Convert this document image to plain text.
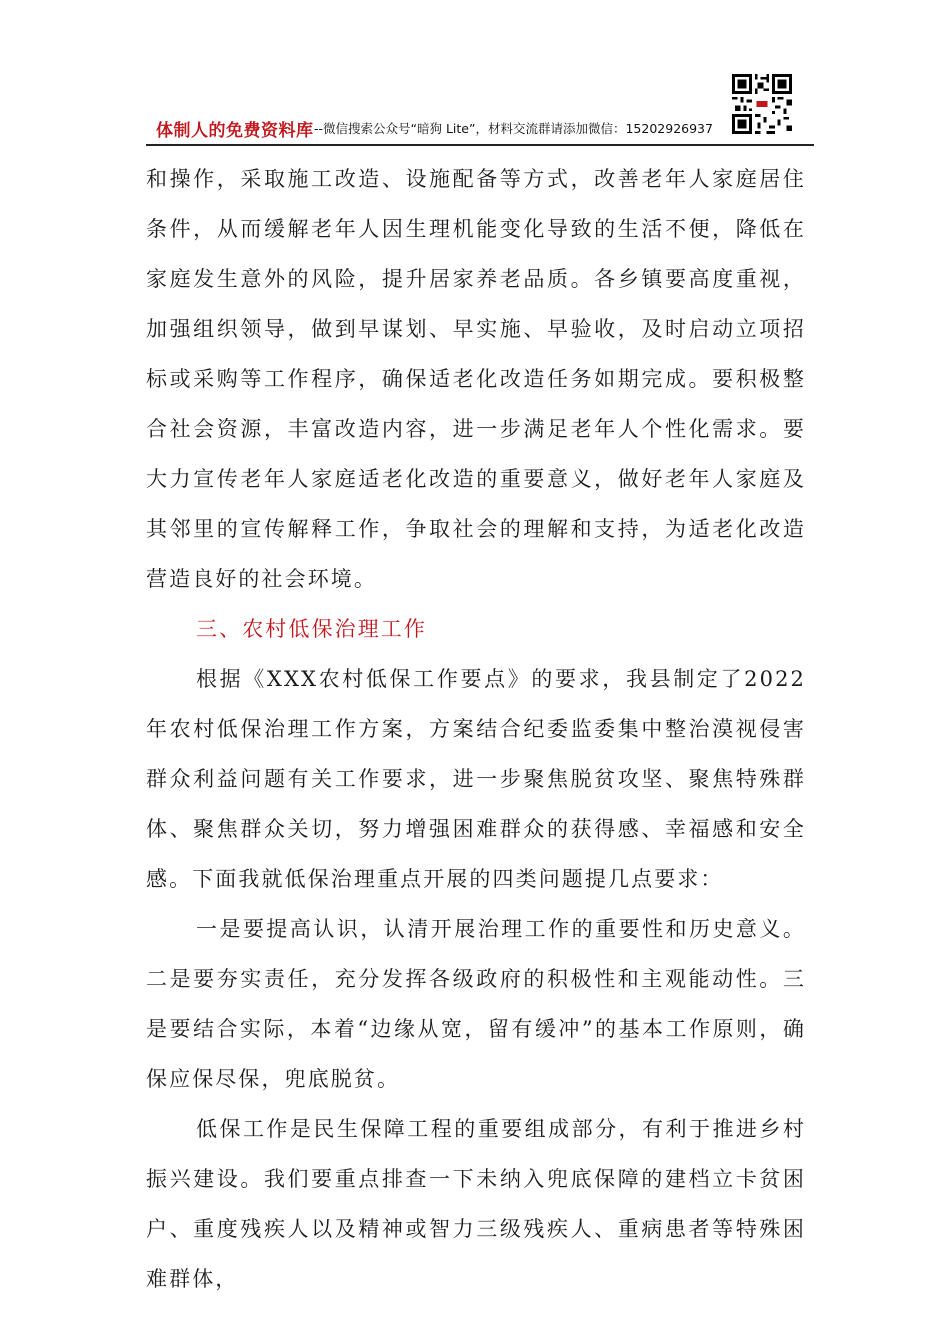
体制人的免费资料库 --微信搜索公众号“暗狗 Lite”，材料交流群请添加微信：15202926937

和操作，采取施工改造、设施配备等方式，改善老年人家庭居住条件，从而缓解老年人因生理机能变化导致的生活不便，降低在家庭发生意外的风险，提升居家养老品质。各乡镇要高度重视，加强组织领导，做到早谋划、早实施、早验收，及时启动立项招标或采购等工作程序，确保适老化改造任务如期完成。要积极整合社会资源，丰富改造内容，进一步满足老年人个性化需求。要大力宣传老年人家庭适老化改造的重要意义，做好老年人家庭及其邻里的宣传解释工作，争取社会的理解和支持，为适老化改造营造良好的社会环境。

三、农村低保治理工作

根据《XXX农村低保工作要点》的要求，我县制定了2022年农村低保治理工作方案，方案结合纪委监委集中整治漠视侵害群众利益问题有关工作要求，进一步聚焦脱贫攻坚、聚焦特殊群体、聚焦群众关切，努力增强困难群众的获得感、幸福感和安全感。下面我就低保治理重点开展的四类问题提几点要求：

一是要提高认识，认清开展治理工作的重要性和历史意义。二是要夯实责任，充分发挥各级政府的积极性和主观能动性。三是要结合实际，本着“边缘从宽，留有缓冲”的基本工作原则，确保应保尽保，兜底脱贫。

低保工作是民生保障工程的重要组成部分，有利于推进乡村振兴建设。我们要重点排查一下未纳入兜底保障的建档立卡贫困户、重度残疾人以及精神或智力三级残疾人、重病患者等特殊困难群体，
